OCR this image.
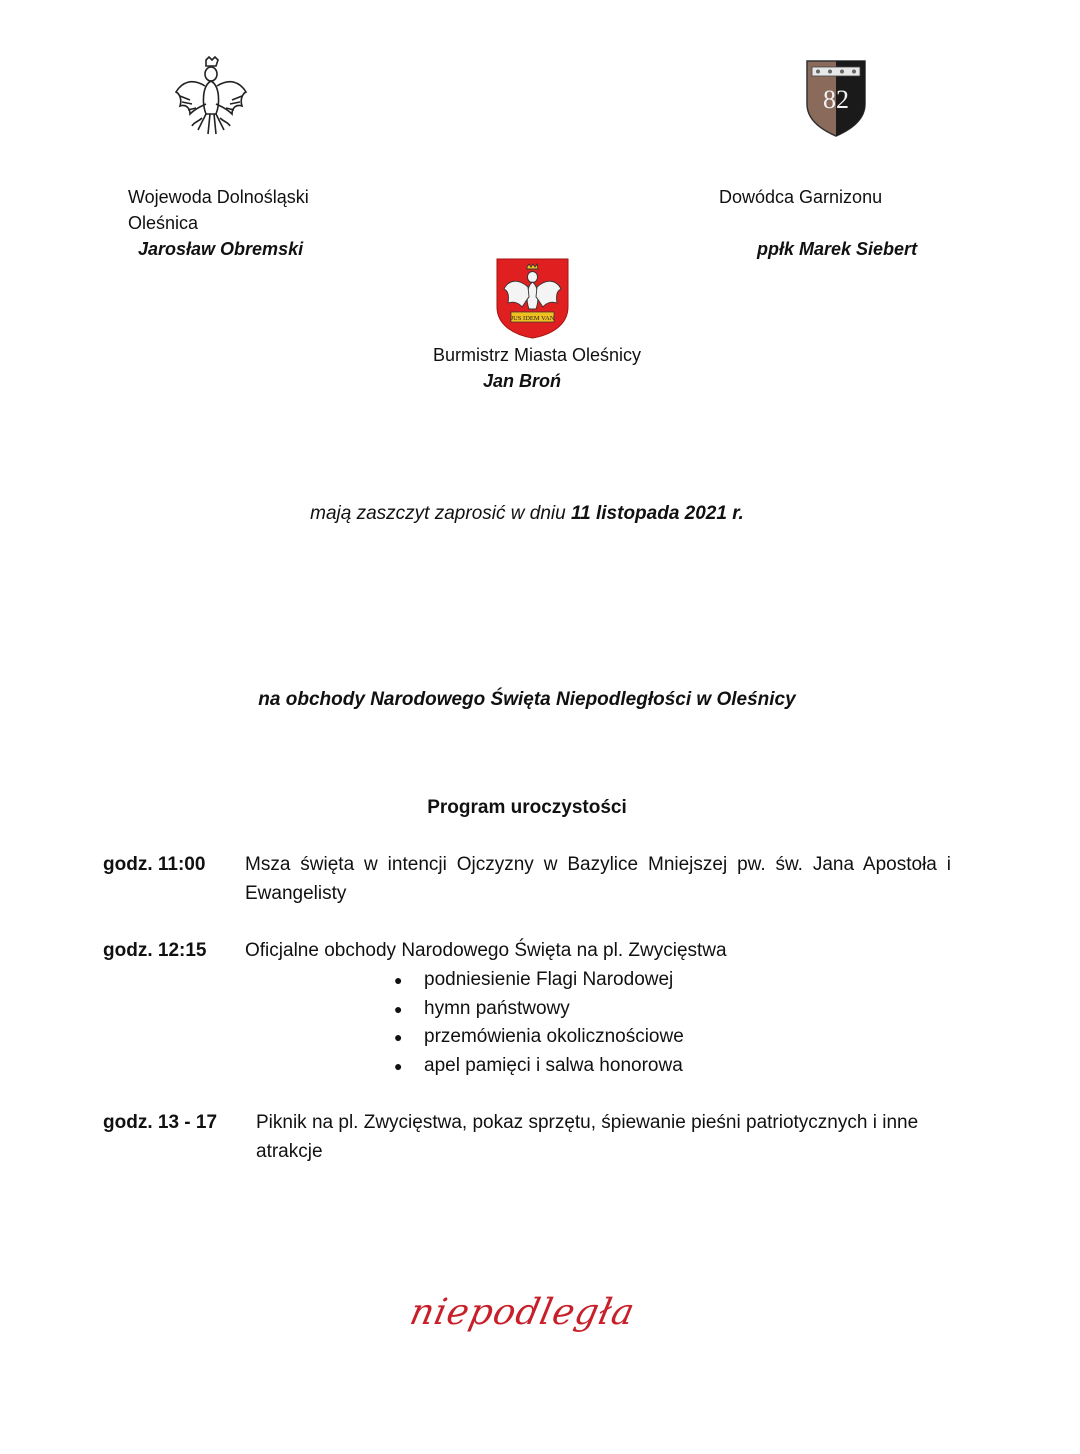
82
Wojewoda Dolnośląski
Oleśnica
Jarosław Obremski
Dowódca Garnizonu
ppłk Marek Siebert
JUS IDEM VAN
Burmistrz Miasta Oleśnicy
Jan Broń
mają zaszczyt zaprosić w dniu 11 listopada 2021 r.
na obchody Narodowego Święta Niepodległości w Oleśnicy
Program uroczystości
godz. 11:00	Msza święta w intencji Ojczyzny w Bazylice Mniejszej pw. św. Jana Apostoła i Ewangelisty
godz. 12:15	Oficjalne obchody Narodowego Święta na pl. Zwycięstwa
● podniesienie Flagi Narodowej
● hymn państwowy
● przemówienia okolicznościowe
● apel pamięci i salwa honorowa
godz. 13 - 17	Piknik na pl. Zwycięstwa, pokaz sprzętu, śpiewanie pieśni patriotycznych i inne atrakcje
niepodległa
